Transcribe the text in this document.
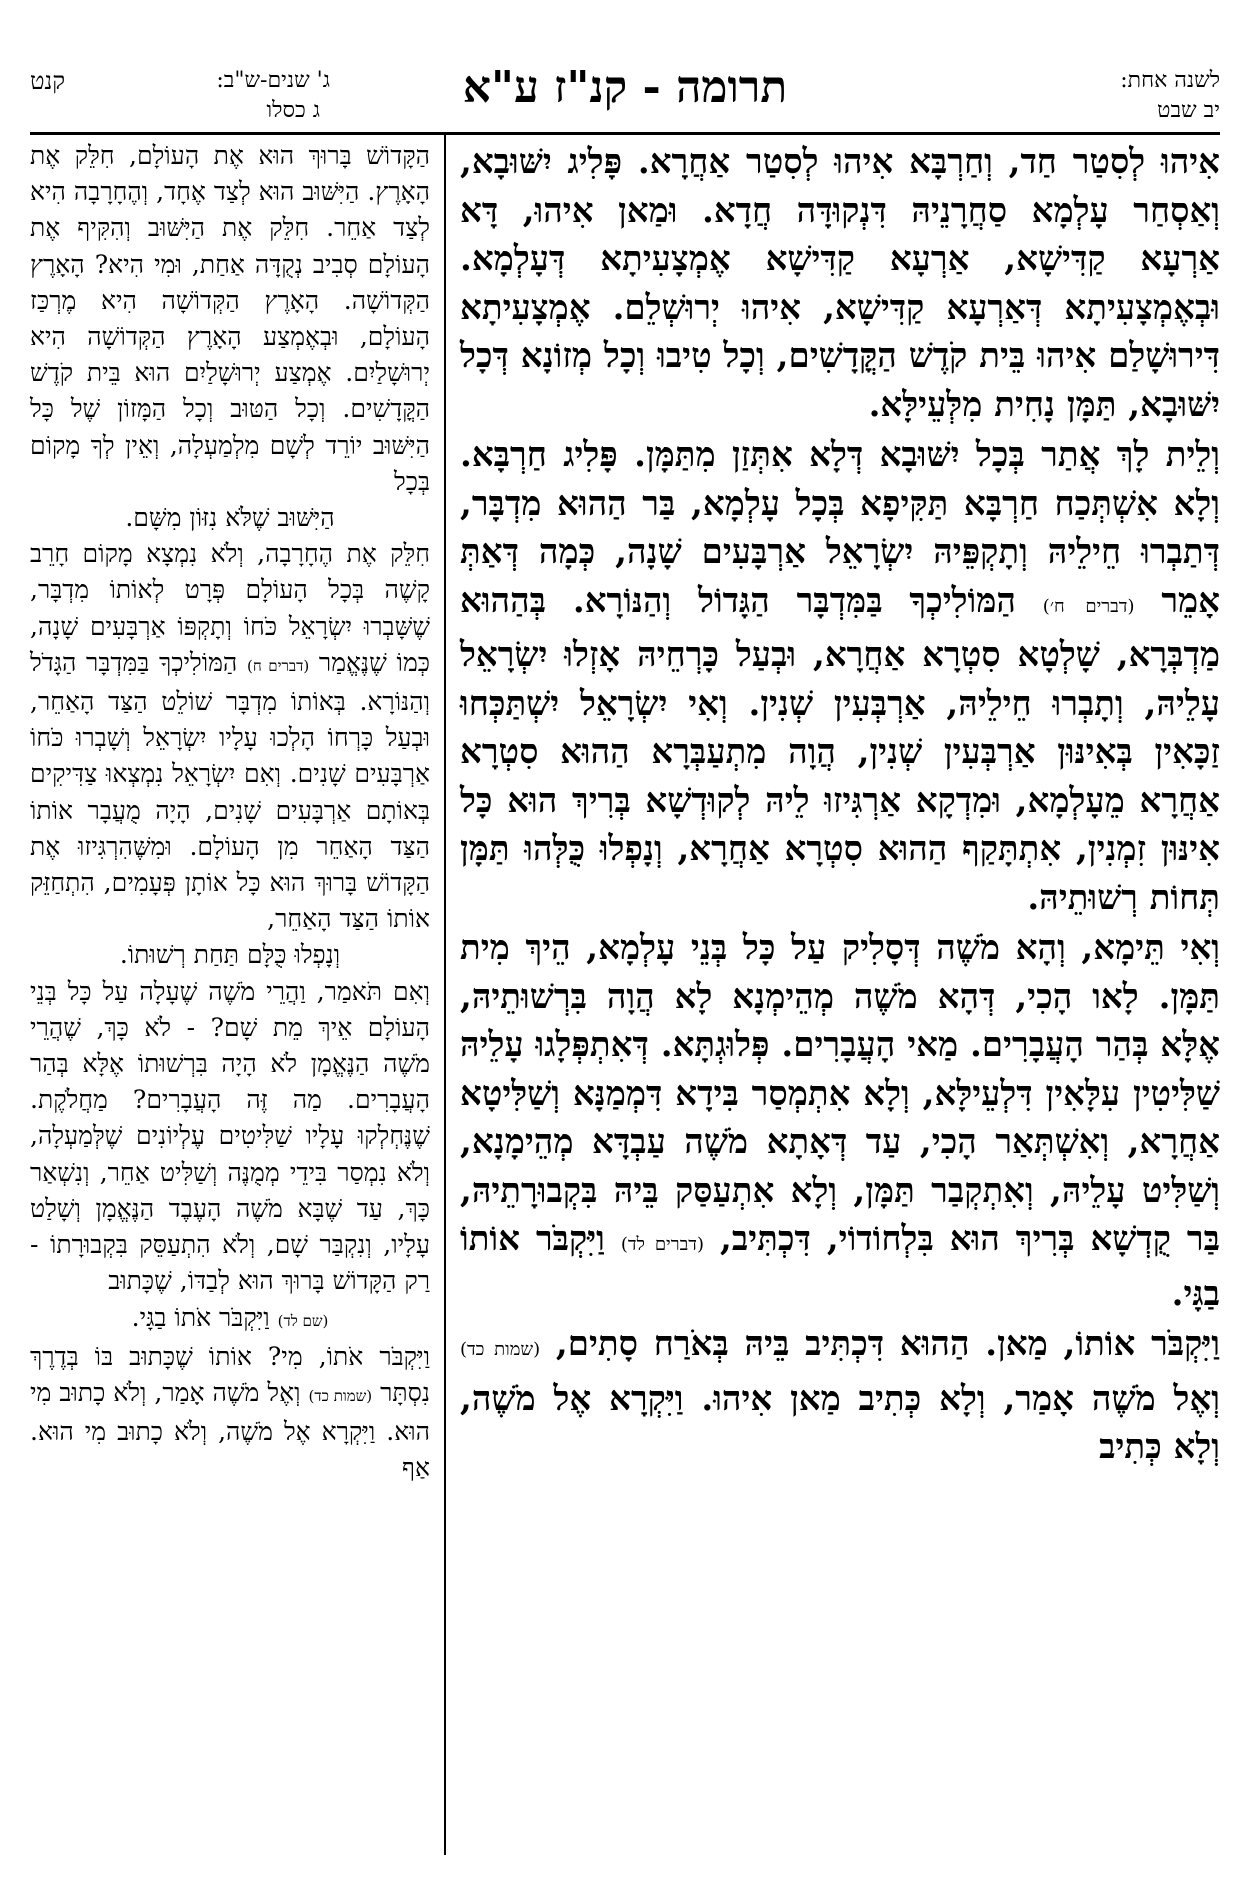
לשנה אחת:
יב שבט
תרומה - קנ"ז ע"א
ג' שנים-ש"ב:
ג כסלו
קנט

אִיהוּ לְסִטַר חַד, וְחַרְבָּא אִיהוּ לְסִטַר אַחֲרָא. פָּלִיג יִשּׁוּבָא, וְאַסְחַר עָלְמָא סַחֲרָנֵיהּ דִּנְקוּדָּה חֲדָא. וּמַאן אִיהוּ, דָּא אַרְעָא קַדִּישָׁא, אַרְעָא קַדִּישָׁא אֶמְצָעִיתָא דְּעָלְמָא. וּבְאֶמְצָעִיתָא דְּאַרְעָא קַדִּישָׁא, אִיהוּ יְרוּשְׁלֵם. אֶמְצָעִיתָא דִּירוּשָׁלַם אִיהוּ בֵּית קֹדֶשׁ הַקֳּדָשִׁים, וְכָל טִיבוּ וְכָל מְזוֹנָא דְּכָל יִשּׁוּבָא, תַּמָּן נָחִית מִלְּעֵילָּא.

וְלֵית לָךְ אֲתַר בְּכָל יִשּׁוּבָא דְּלָא אִתְּזַן מִתַּמָּן. פָּלִיג חַרְבָּא. וְלָא אִשְׁתְּכַח חַרְבָּא תַּקִּיפָא בְּכָל עָלְמָא, בַּר הַהוּא מִדְבָּר, דְּתַבְרוּ חֵילֵיהּ וְתָקְפֵּיהּ יִשְׂרָאֵל אַרְבָּעִים שָׁנָה, כְּמָה דְּאַתְּ אָמֵר (דברים ח׳) הַמּוֹלִיכְךָ בַּמִּדְבָּר הַגָּדוֹל וְהַנּוֹרָא. בְּהַהוּא מַדְבְּרָא, שָׁלְטָא סִטְרָא אַחֲרָא, וּבְעַל כָּרְחֵיהּ אָזְלוּ יִשְׂרָאֵל עָלֵיהּ, וְתָבְרוּ חֵילֵיהּ, אַרְבְּעִין שְׁנִין. וְאִי יִשְׂרָאֵל יִשְׁתַּכְּחוּ זַכָּאִין בְּאִינּוּן אַרְבְּעִין שְׁנִין, הֲוָה מִתְעַבְּרָא הַהוּא סִטְרָא אַחֲרָא מֵעָלְמָא, וּמִדְקָא אַרְגִּיזוּ לֵיהּ לְקוּדְשָׁא בְּרִיךְ הוּא כָּל אִינּוּן זִמְנִין, אִתְתָּקַף הַהוּא סִטְרָא אַחֲרָא, וְנָפְלוּ כֻּלְּהוּ תַּמָּן תְּחוֹת רְשׁוּתֵיהּ.

וְאִי תֵּימָא, וְהָא מֹשֶׁה דְּסָלִיק עַל כָּל בְּנֵי עָלְמָא, הֵיךְ מִית תַּמָּן. לָאו הָכִי, דְּהָא מֹשֶׁה מְהֵימְנָא לָא הֲוָה בִּרְשׁוּתֵיהּ, אֶלָּא בְּהַר הָעֲבָרִים. מַאי הָעֲבָרִים. פְּלוּגְתָּא. דְּאִתְפְּלָגוּ עָלֵיהּ שַׁלִּיטִין עִלָּאִין דִּלְעֵילָּא, וְלָא אִתְמְסַר בִּידָא דִּמְמַנָּא וְשַׁלִּיטָא אַחֲרָא, וְאִשְׁתְּאַר הָכִי, עַד דְּאָתָא מֹשֶׁה עַבְדָּא מְהֵימָנָא, וְשַׁלִּיט עָלֵיהּ, וְאִתְקְבַר תַּמָּן, וְלָא אִתְעַסַּק בֵּיהּ בִּקְבוּרָתֵיהּ, בַּר קֻדְשָׁא בְּרִיךְ הוּא בִּלְחוֹדוֹי, דִּכְתִּיב, (דברים לד) וַיִּקְבֹּר אוֹתוֹ בַגָּי.

וַיִּקְבֹּר אוֹתוֹ, מַאן. הַהוּא דִּכְתִּיב בֵּיהּ בְּאֹרַח סָתִים, (שמות כד) וְאֶל מֹשֶׁה אָמַר, וְלָא כְּתִיב מַאן אִיהוּ. וַיִּקְרָא אֶל מֹשֶׁה, וְלָא כְּתִיב

הַקָּדוֹשׁ בָּרוּךְ הוּא אֶת הָעוֹלָם, חִלֵּק אֶת הָאָרֶץ. הַיִּשּׁוּב הוּא לְצַד אֶחָד, וְהֶחָרָבָה הִיא לְצַד אַחֵר. חִלֵּק אֶת הַיִּשּׁוּב וְהִקִּיף אֶת הָעוֹלָם סְבִיב נְקֻדָּה אַחַת, וּמִי הִיא? הָאָרֶץ הַקְּדוֹשָׁה. הָאָרֶץ הַקְּדוֹשָׁה הִיא מֶרְכַּז הָעוֹלָם, וּבְאֶמְצַע הָאָרֶץ הַקְּדוֹשָׁה הִיא יְרוּשָׁלַיִם. אֶמְצַע יְרוּשָׁלַיִם הוּא בֵּית קֹדֶשׁ הַקֳּדָשִׁים. וְכָל הַטּוּב וְכָל הַמָּזוֹן שֶׁל כָּל הַיִּשּׁוּב יוֹרֵד לְשָׁם מִלְמַעְלָה, וְאֵין לְךָ מָקוֹם בְּכָל

הַיִּשּׁוּב שֶׁלֹּא נִזּוֹן מִשָּׁם.

חִלֵּק אֶת הֶחָרָבָה, וְלֹא נִמְצָא מָקוֹם חָרֵב קָשֶׁה בְּכָל הָעוֹלָם פְּרָט לְאוֹתוֹ מִדְבָּר, שֶׁשָּׁבְרוּ יִשְׂרָאֵל כֹּחוֹ וְתָקְפּוֹ אַרְבָּעִים שָׁנָה, כְּמוֹ שֶׁנֶּאֱמַר (דברים ח) הַמּוֹלִיכְךָ בַּמִּדְבָּר הַגָּדֹל וְהַנּוֹרָא. בְּאוֹתוֹ מִדְבָּר שׁוֹלֵט הַצַּד הָאַחֵר, וּבְעַל כָּרְחוֹ הָלְכוּ עָלָיו יִשְׂרָאֵל וְשָׁבְרוּ כֹּחוֹ אַרְבָּעִים שָׁנִים. וְאִם יִשְׂרָאֵל נִמְצְאוּ צַדִּיקִים בְּאוֹתָם אַרְבָּעִים שָׁנִים, הָיָה מֻעֲבָר אוֹתוֹ הַצַּד הָאַחֵר מִן הָעוֹלָם. וּמִשֶּׁהִרְגִּיזוּ אֶת הַקָּדוֹשׁ בָּרוּךְ הוּא כָּל אוֹתָן פְּעָמִים, הִתְחַזֵּק אוֹתוֹ הַצַּד הָאַחֵר,

וְנָפְלוּ כֻּלָּם תַּחַת רְשׁוּתוֹ.

וְאִם תֹּאמַר, וַהֲרֵי מֹשֶׁה שֶׁעָלָה עַל כָּל בְּנֵי הָעוֹלָם אֵיךְ מֵת שָׁם? - לֹא כָּךְ, שֶׁהֲרֵי מֹשֶׁה הַנֶּאֱמָן לֹא הָיָה בִּרְשׁוּתוֹ אֶלָּא בְּהַר הָעֲבָרִים. מַה זֶּה הָעֲבָרִים? מַחֲלֹקֶת. שֶׁנֶּחְלְקוּ עָלָיו שַׁלִּיטִים עֶלְיוֹנִים שֶׁלְּמַעְלָה, וְלֹא נִמְסַר בִּידֵי מְמֻנֶּה וְשַׁלִּיט אַחֵר, וְנִשְׁאַר כָּךְ, עַד שֶׁבָּא מֹשֶׁה הָעֶבֶד הַנֶּאֱמָן וְשָׁלַט עָלָיו, וְנִקְבַּר שָׁם, וְלֹא הִתְעַסֵּק בִּקְבוּרָתוֹ - רַק הַקָּדוֹשׁ בָּרוּךְ הוּא לְבַדּוֹ, שֶׁכָּתוּב

(שם לד) וַיִּקְבֹּר אֹתוֹ בַגָּי.

וַיִּקְבֹּר אֹתוֹ, מִי? אוֹתוֹ שֶׁכָּתוּב בּוֹ בְּדֶרֶךְ נִסְתָּר (שמות כד) וְאֶל מֹשֶׁה אָמַר, וְלֹא כָתוּב מִי הוּא. וַיִּקְרָא אֶל מֹשֶׁה, וְלֹא כָתוּב מִי הוּא. אַף
